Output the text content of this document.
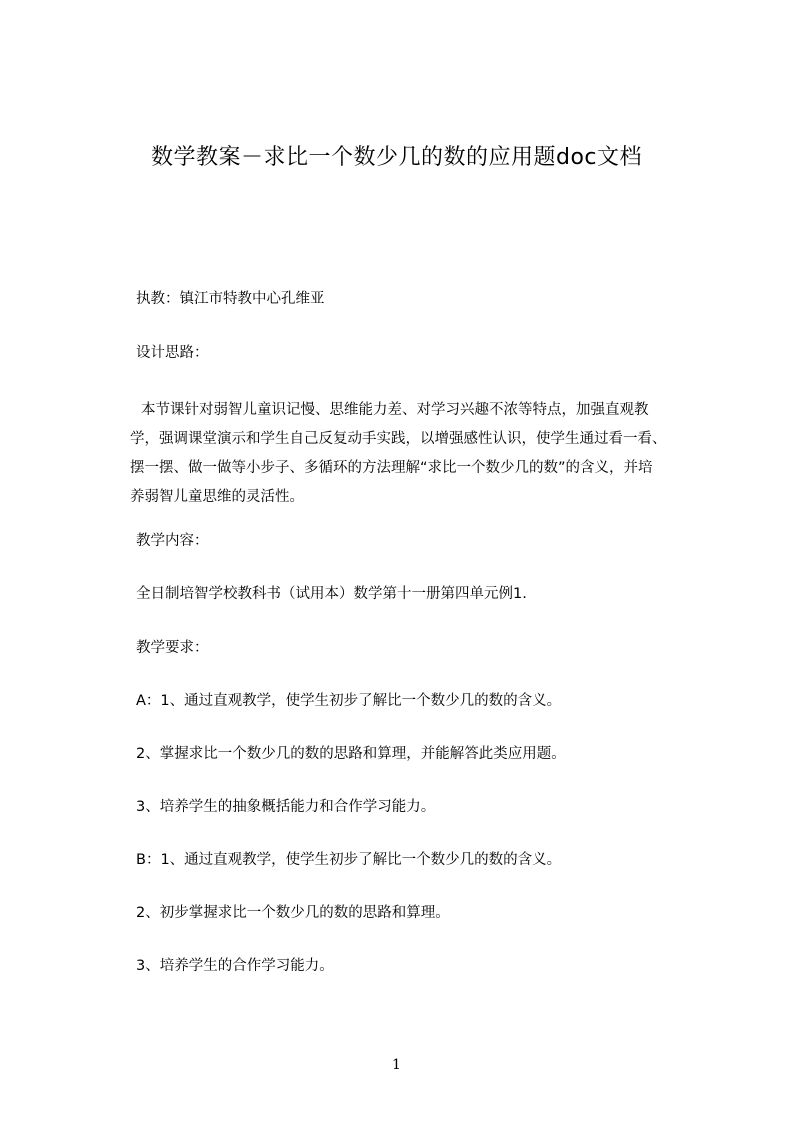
数学教案－求比一个数少几的数的应用题doc文档

执教：镇江市特教中心孔维亚

设计思路：

本节课针对弱智儿童识记慢、思维能力差、对学习兴趣不浓等特点，加强直观教
学，强调课堂演示和学生自己反复动手实践，以增强感性认识，使学生通过看一看、
摆一摆、做一做等小步子、多循环的方法理解“求比一个数少几的数”的含义，并培
养弱智儿童思维的灵活性。

教学内容：

全日制培智学校教科书（试用本）数学第十一册第四单元例1.

教学要求：

A：1、通过直观教学，使学生初步了解比一个数少几的数的含义。

2、掌握求比一个数少几的数的思路和算理，并能解答此类应用题。

3、培养学生的抽象概括能力和合作学习能力。

B：1、通过直观教学，使学生初步了解比一个数少几的数的含义。

2、初步掌握求比一个数少几的数的思路和算理。

3、培养学生的合作学习能力。

1
